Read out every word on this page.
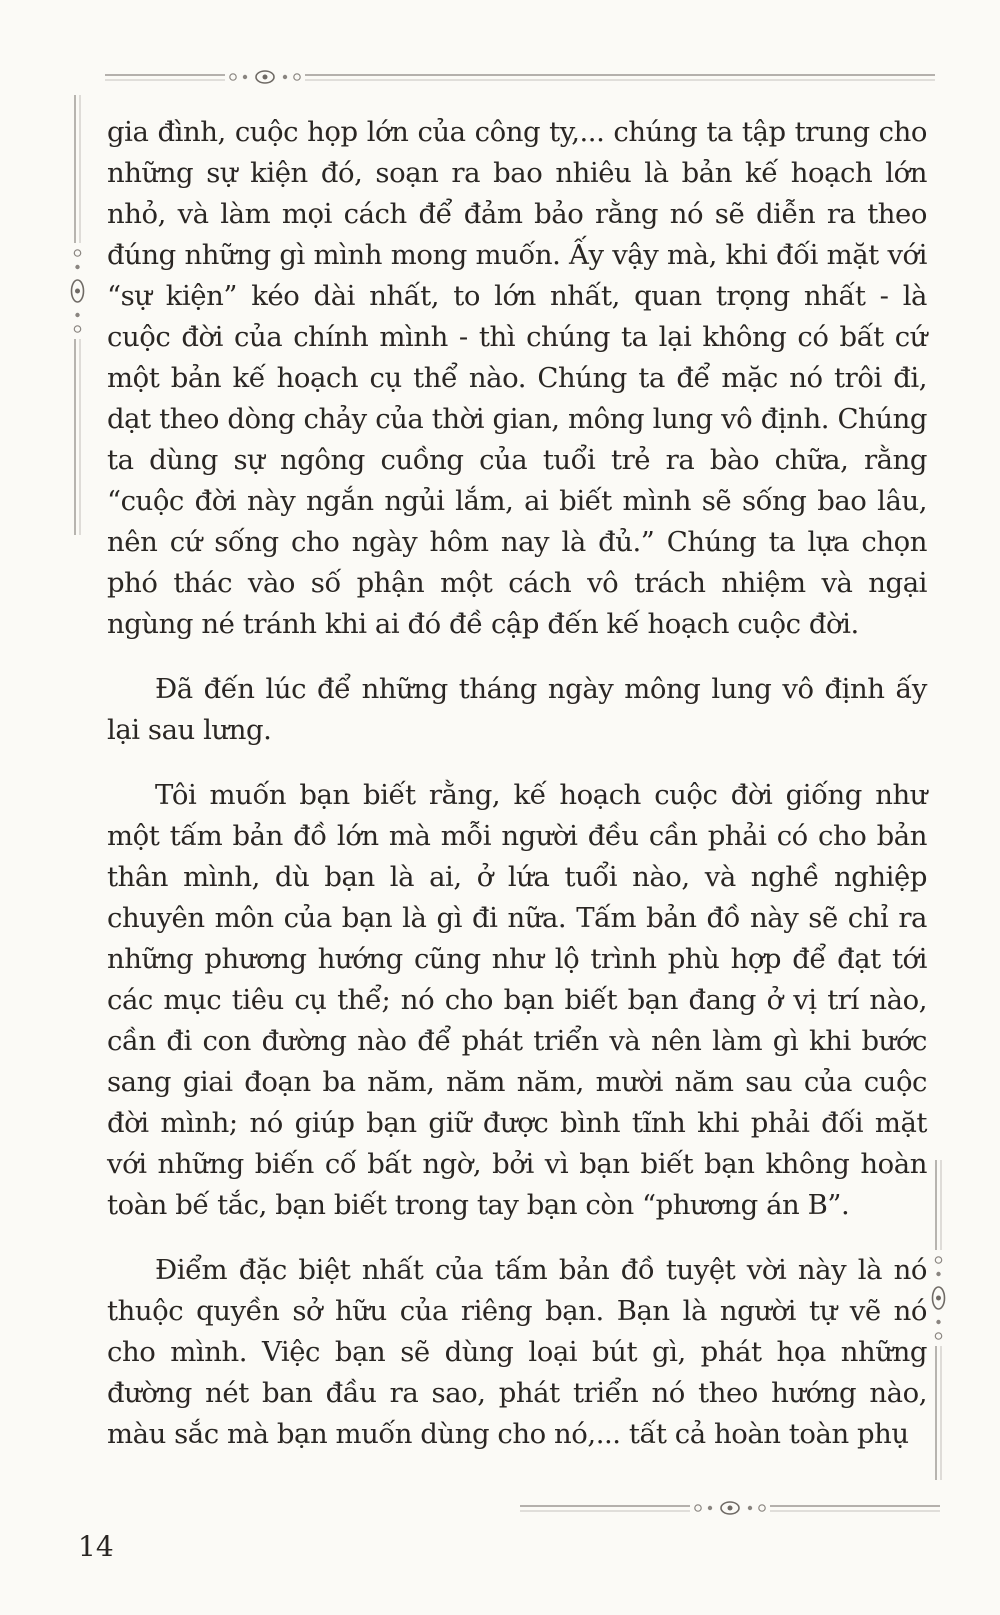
gia đình, cuộc họp lớn của công ty,... chúng ta tập trung cho những sự kiện đó, soạn ra bao nhiêu là bản kế hoạch lớn nhỏ, và làm mọi cách để đảm bảo rằng nó sẽ diễn ra theo đúng những gì mình mong muốn. Ấy vậy mà, khi đối mặt với “sự kiện” kéo dài nhất, to lớn nhất, quan trọng nhất - là cuộc đời của chính mình - thì chúng ta lại không có bất cứ một bản kế hoạch cụ thể nào. Chúng ta để mặc nó trôi đi, dạt theo dòng chảy của thời gian, mông lung vô định. Chúng ta dùng sự ngông cuồng của tuổi trẻ ra bào chữa, rằng “cuộc đời này ngắn ngủi lắm, ai biết mình sẽ sống bao lâu, nên cứ sống cho ngày hôm nay là đủ.” Chúng ta lựa chọn phó thác vào số phận một cách vô trách nhiệm và ngại ngùng né tránh khi ai đó đề cập đến kế hoạch cuộc đời.

Đã đến lúc để những tháng ngày mông lung vô định ấy lại sau lưng.

Tôi muốn bạn biết rằng, kế hoạch cuộc đời giống như một tấm bản đồ lớn mà mỗi người đều cần phải có cho bản thân mình, dù bạn là ai, ở lứa tuổi nào, và nghề nghiệp chuyên môn của bạn là gì đi nữa. Tấm bản đồ này sẽ chỉ ra những phương hướng cũng như lộ trình phù hợp để đạt tới các mục tiêu cụ thể; nó cho bạn biết bạn đang ở vị trí nào, cần đi con đường nào để phát triển và nên làm gì khi bước sang giai đoạn ba năm, năm năm, mười năm sau của cuộc đời mình; nó giúp bạn giữ được bình tĩnh khi phải đối mặt với những biến cố bất ngờ, bởi vì bạn biết bạn không hoàn toàn bế tắc, bạn biết trong tay bạn còn “phương án B”.

Điểm đặc biệt nhất của tấm bản đồ tuyệt vời này là nó thuộc quyền sở hữu của riêng bạn. Bạn là người tự vẽ nó cho mình. Việc bạn sẽ dùng loại bút gì, phát họa những đường nét ban đầu ra sao, phát triển nó theo hướng nào, màu sắc mà bạn muốn dùng cho nó,... tất cả hoàn toàn phụ

14
